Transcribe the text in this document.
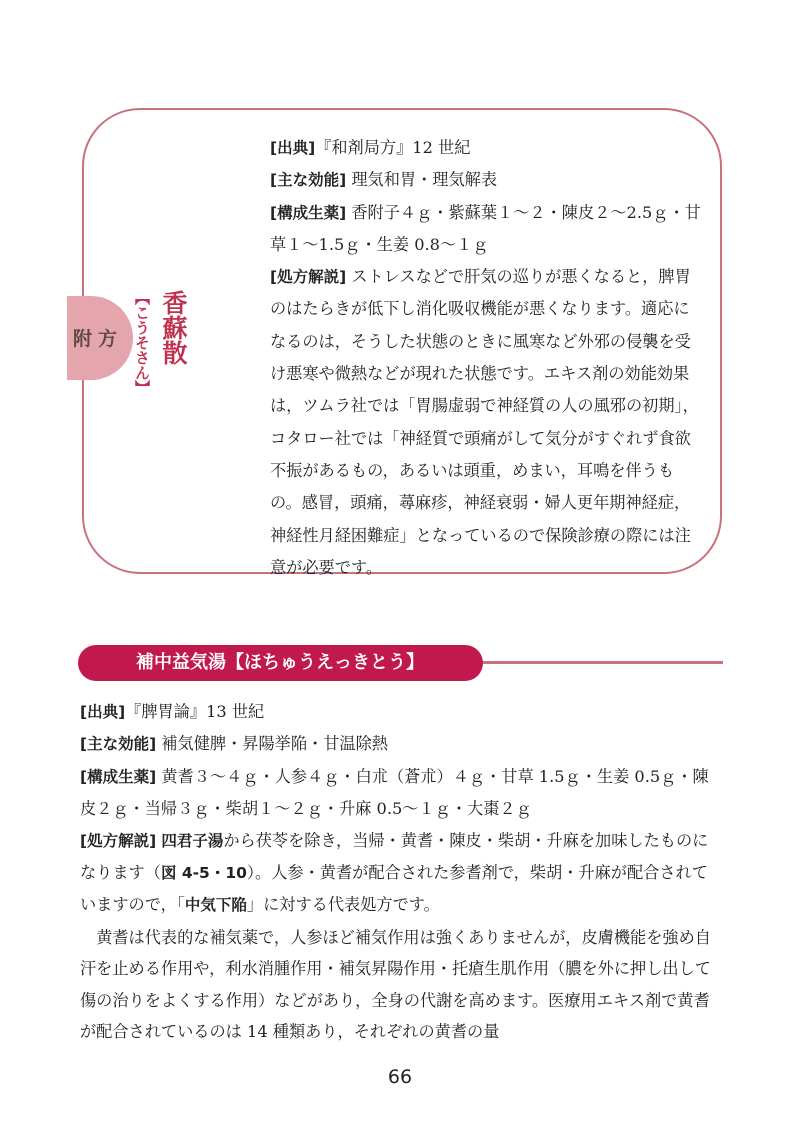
附方 香蘇散
【こうそさん】
[出典]『和剤局方』12 世紀
[主な効能] 理気和胃・理気解表
[構成生薬] 香附子４ｇ・紫蘇葉１～２・陳皮２～2.5ｇ・甘草１～1.5ｇ・生姜 0.8～１ｇ
[処方解説] ストレスなどで肝気の巡りが悪くなると，脾胃のはたらきが低下し消化吸収機能が悪くなります。適応になるのは，そうした状態のときに風寒など外邪の侵襲を受け悪寒や微熱などが現れた状態です。エキス剤の効能効果は，ツムラ社では「胃腸虚弱で神経質の人の風邪の初期」，コタロー社では「神経質で頭痛がして気分がすぐれず食欲不振があるもの，あるいは頭重，めまい，耳鳴を伴うもの。感冒，頭痛，蕁麻疹，神経衰弱・婦人更年期神経症，神経性月経困難症」となっているので保険診療の際には注意が必要です。
補中益気湯【ほちゅうえっきとう】
[出典]『脾胃論』13 世紀
[主な効能] 補気健脾・昇陽挙陥・甘温除熱
[構成生薬] 黄耆３～４ｇ・人参４ｇ・白朮（蒼朮）４ｇ・甘草 1.5ｇ・生姜 0.5ｇ・陳皮２ｇ・当帰３ｇ・柴胡１～２ｇ・升麻 0.5～１ｇ・大棗２ｇ
[処方解説] 四君子湯から茯苓を除き，当帰・黄耆・陳皮・柴胡・升麻を加味したものになります（図 4-5・10）。人参・黄耆が配合された参耆剤で，柴胡・升麻が配合されていますので，「中気下陥」に対する代表処方です。
黄耆は代表的な補気薬で，人参ほど補気作用は強くありませんが，皮膚機能を強め自汗を止める作用や，利水消腫作用・補気昇陽作用・托瘡生肌作用（膿を外に押し出して傷の治りをよくする作用）などがあり，全身の代謝を高めます。医療用エキス剤で黄耆が配合されているのは 14 種類あり，それぞれの黄耆の量
66
